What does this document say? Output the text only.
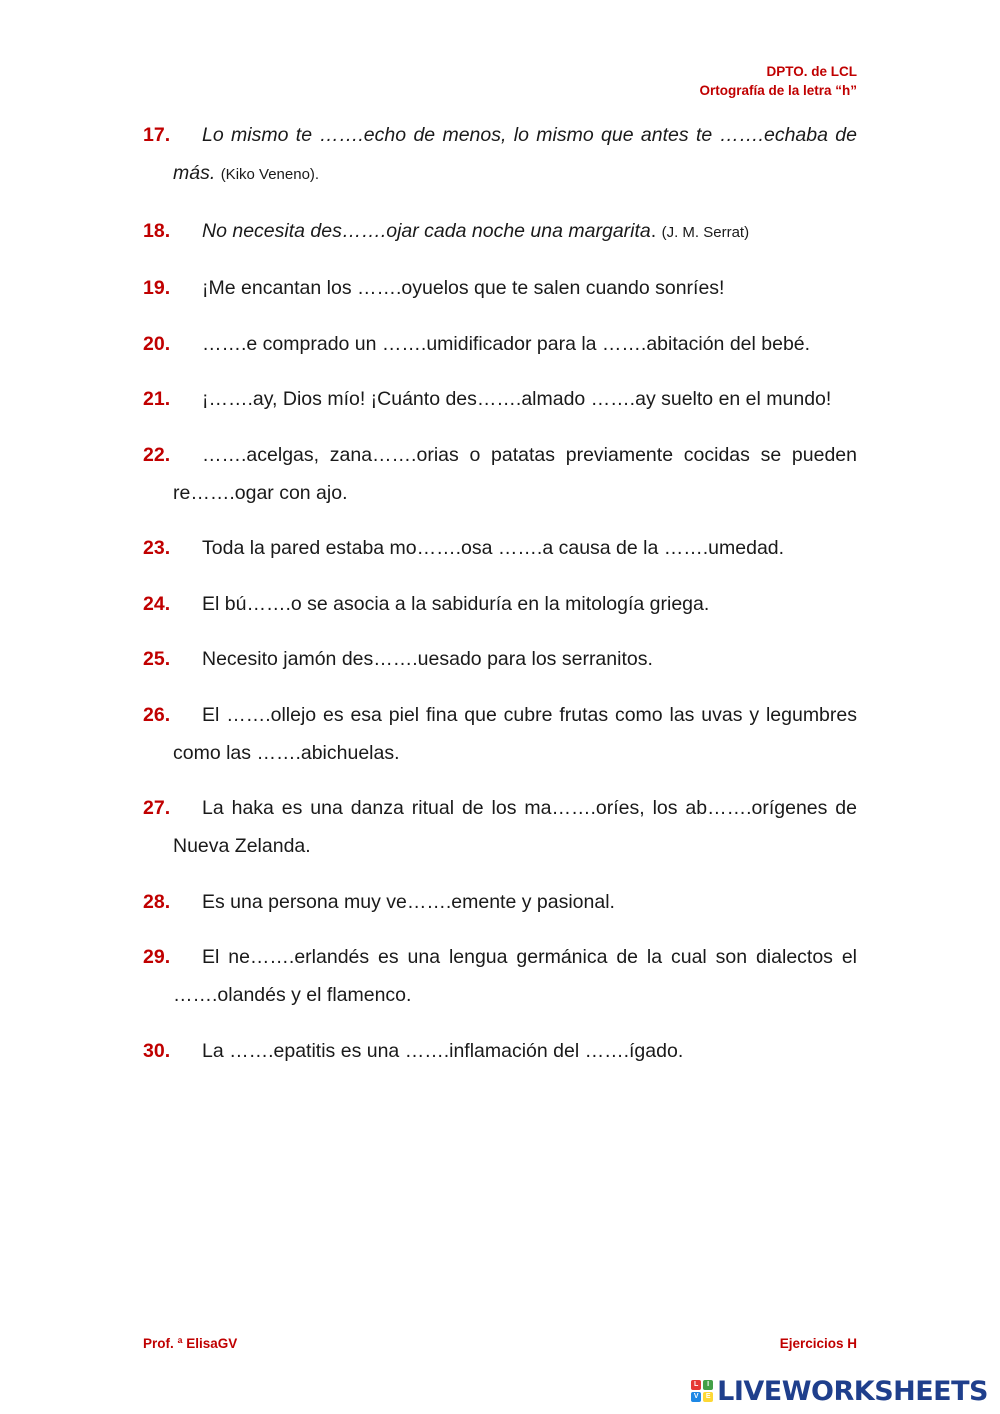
DPTO. de LCL
Ortografía de la letra “h”
17. Lo mismo te …….echo de menos, lo mismo que antes te …….echaba de más. (Kiko Veneno).
18. No necesita des…….ojar cada noche una margarita. (J. M. Serrat)
19. ¡Me encantan los …….oyuelos que te salen cuando sonríes!
20. …….e comprado un …….umidificador para la …….abitación del bebé.
21. ¡…….ay, Dios mío! ¡Cuánto des…….almado …….ay suelto en el mundo!
22. …….acelgas, zana…….orias o patatas previamente cocidas se pueden re…….ogar con ajo.
23. Toda la pared estaba mo…….osa …….a causa de la …….umedad.
24. El bú…….o se asocia a la sabiduría en la mitología griega.
25. Necesito jamón des…….uesado para los serranitos.
26. El …….ollejo es esa piel fina que cubre frutas como las uvas y legumbres como las …….abichuelas.
27. La haka es una danza ritual de los ma…….oríes, los ab…….orígenes de Nueva Zelanda.
28. Es una persona muy ve…….emente y pasional.
29. El ne…….erlandés es una lengua germánica de la cual son dialectos el …….olandés y el flamenco.
30. La …….epatitis es una …….inflamación del …….ígado.
Prof. ª ElisaGV	Ejercicios H
L	I
V	E LIVEWORKSHEETS
